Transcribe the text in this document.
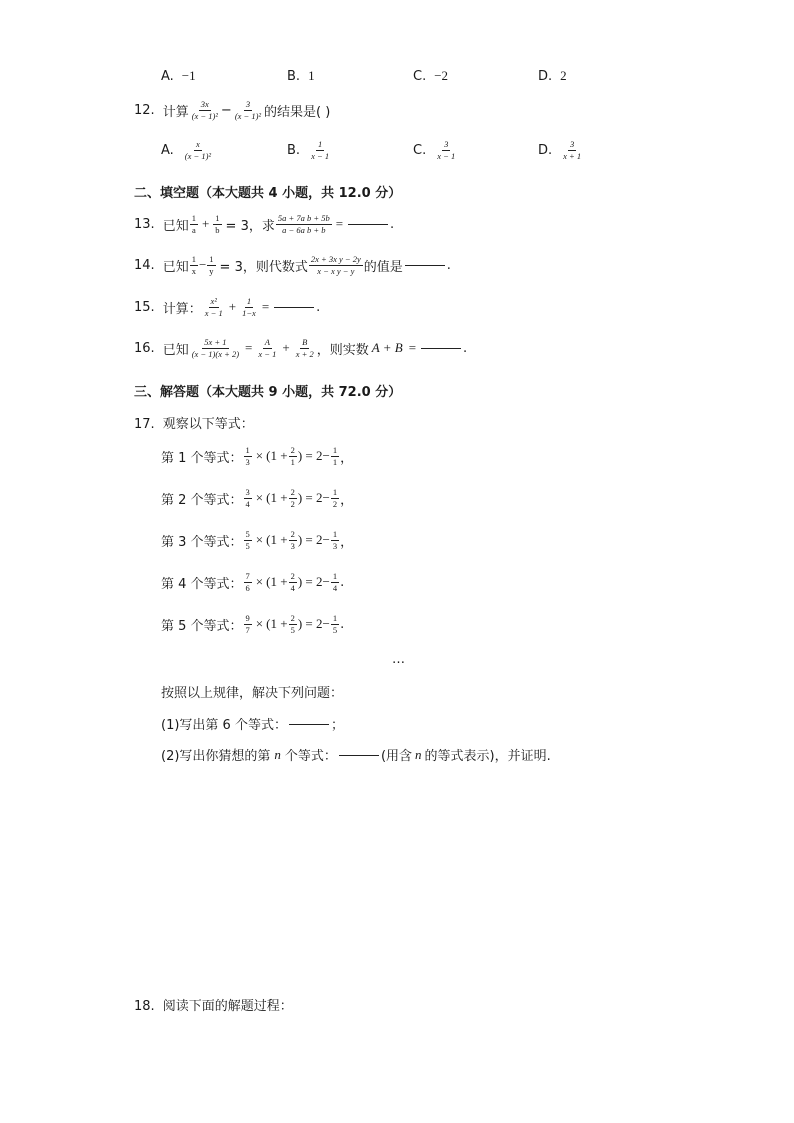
A. −1	B. 1	C. −2	D. 2
12. 计算 $\frac{3x}{\text{(x − 1)²}} - \frac{3}{\text{(x − 1)²}}$ 的结果是( )
A. $\frac{x}{\text{(x − 1)²}}$	B. $\frac{1}{x - 1}$	C. $\frac{3}{x - 1}$	D. $\frac{3}{x + 1}$
二、填空题（本大题共 4 小题，共 12.0 分）
13. 已知 $\frac{1}{a} + \frac{1}{b} = 3$，求 $\frac{\text{5a + 7a b + 5b}}{\text{a − 6a b + b}}$ =	.
14. 已知 $\frac{1}{x} - \frac{1}{y} = 3$，则代数式 $\frac{\text{2x + 3x y − 2y}}{\text{x − x y − y}}$ 的值是	.
15. 计算： $\frac{\text{x²}}{x - 1} + \frac{1}{1-x}$ =	.
16. 已知 $\frac{5x + 1}{(x - 1)(x + 2)} = \frac{A}{x - 1} + \frac{B}{x + 2}$ ，则实数 A + B =	.
三、解答题（本大题共 9 小题，共 72.0 分）
17. 观察以下等式：
第 1 个等式： $\frac{1}{3} \times (1 + \frac{2}{1}$ ) = $2- \frac{1}{1}$ ，
第 2 个等式： $\frac{3}{4} \times (1 + \frac{2}{2}$ ) = $2- \frac{1}{2}$ ，
第 3 个等式： $\frac{5}{5} \times (1 + \frac{2}{3}$ ) = $2- \frac{1}{3}$ ，
第 4 个等式： $\frac{7}{6} \times (1 + \frac{2}{4}$ ) = $2- \frac{1}{4}$ .
第 5 个等式： $\frac{9}{7} \times (1 + \frac{2}{5}$ ) = $2- \frac{1}{5}$ .
…
按照以上规律，解决下列问题：
(1)写出第 6 个等式：	；
(2)写出你猜想的第 n 个等式：	(用含 n 的等式表示)，并证明.
18. 阅读下面的解题过程：
